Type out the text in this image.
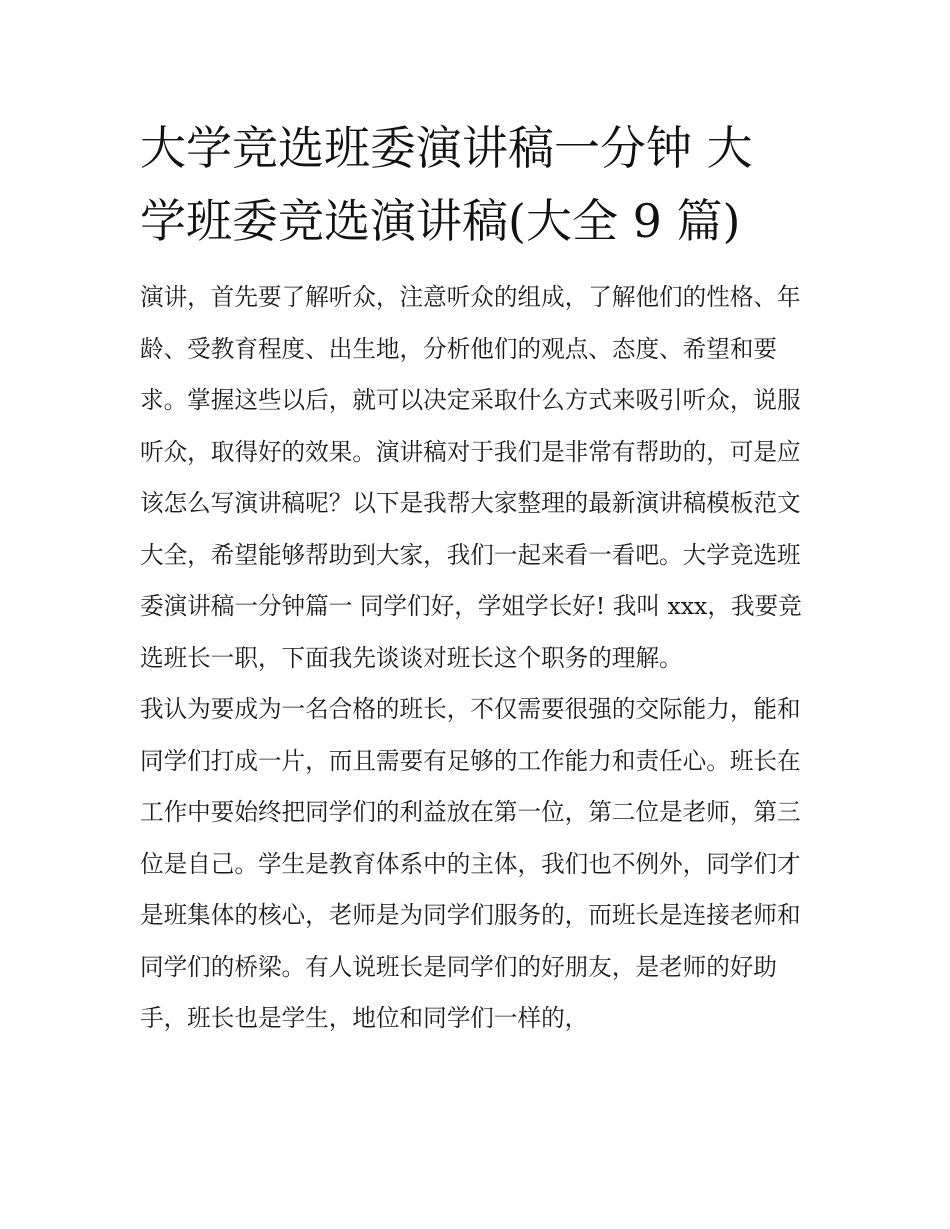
大学竞选班委演讲稿一分钟 大
学班委竞选演讲稿(大全 9 篇)

演讲，首先要了解听众，注意听众的组成，了解他们的性格、年龄、受教育程度、出生地，分析他们的观点、态度、希望和要求。掌握这些以后，就可以决定采取什么方式来吸引听众，说服听众，取得好的效果。演讲稿对于我们是非常有帮助的，可是应该怎么写演讲稿呢？以下是我帮大家整理的最新演讲稿模板范文大全，希望能够帮助到大家，我们一起来看一看吧。大学竞选班委演讲稿一分钟篇一 同学们好，学姐学长好! 我叫 xxx，我要竞选班长一职，下面我先谈谈对班长这个职务的理解。

我认为要成为一名合格的班长，不仅需要很强的交际能力，能和同学们打成一片，而且需要有足够的工作能力和责任心。班长在工作中要始终把同学们的利益放在第一位，第二位是老师，第三位是自己。学生是教育体系中的主体，我们也不例外，同学们才是班集体的核心，老师是为同学们服务的，而班长是连接老师和同学们的桥梁。有人说班长是同学们的好朋友，是老师的好助手，班长也是学生，地位和同学们一样的，
